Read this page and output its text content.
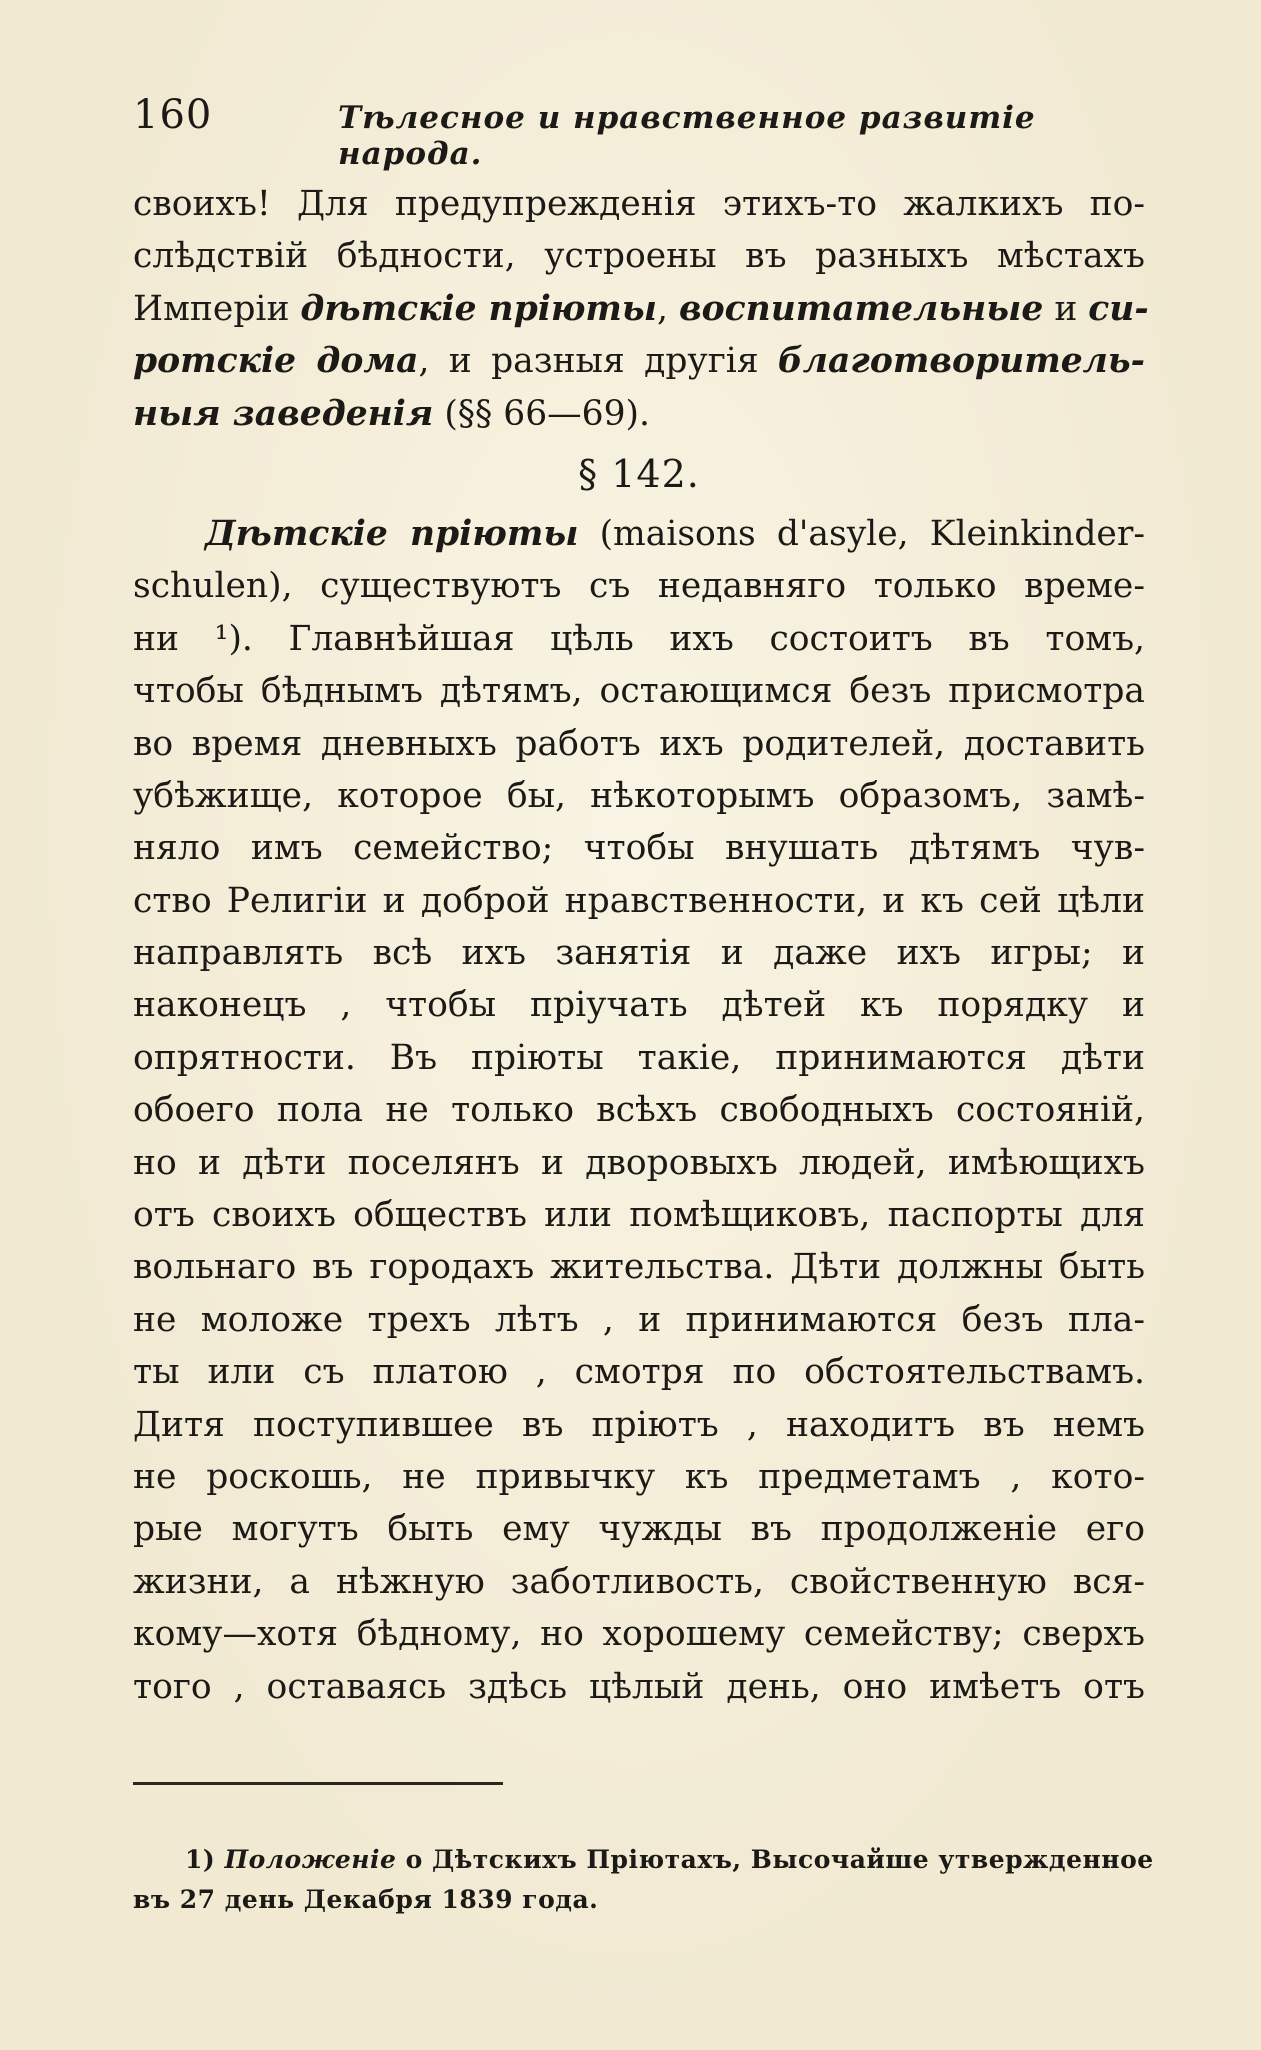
160	Тѣлесное и нравственное развитіе народа.
своихъ! Для предупрежденія этихъ-то жалкихъ по-
слѣдствій бѣдности, устроены въ разныхъ мѣстахъ
Имперіи дѣтскіе пріюты, воспитательные и си-
ротскіе дома, и разныя другія благотворитель-
ныя заведенія (§§ 66—69).
§ 142.
Дѣтскіе пріюты (maisons d'asyle, Kleinkinder-
schulen), существуютъ съ недавняго только време-
ни ¹). Главнѣйшая цѣль ихъ состоитъ въ томъ,
чтобы бѣднымъ дѣтямъ, остающимся безъ присмотра
во время дневныхъ работъ ихъ родителей, доставить
убѣжище, которое бы, нѣкоторымъ образомъ, замѣ-
няло имъ семейство; чтобы внушать дѣтямъ чув-
ство Религіи и доброй нравственности, и къ сей цѣли
направлять всѣ ихъ занятія и даже ихъ игры; и
наконецъ , чтобы пріучать дѣтей къ порядку и
опрятности. Въ пріюты такіе, принимаются дѣти
обоего пола не только всѣхъ свободныхъ состояній,
но и дѣти поселянъ и дворовыхъ людей, имѣющихъ
отъ своихъ обществъ или помѣщиковъ, паспорты для
вольнаго въ городахъ жительства. Дѣти должны быть
не моложе трехъ лѣтъ , и принимаются безъ пла-
ты или съ платою , смотря по обстоятельствамъ.
Дитя поступившее въ пріютъ , находитъ въ немъ
не роскошь, не привычку къ предметамъ , кото-
рые могутъ быть ему чужды въ продолженіе его
жизни, а нѣжную заботливость, свойственную вся-
кому—хотя бѣдному, но хорошему семейству; сверхъ
того , оставаясь здѣсь цѣлый день, оно имѣетъ отъ
1) Положеніе о Дѣтскихъ Пріютахъ, Высочайше утвержденное
въ 27 день Декабря 1839 года.
